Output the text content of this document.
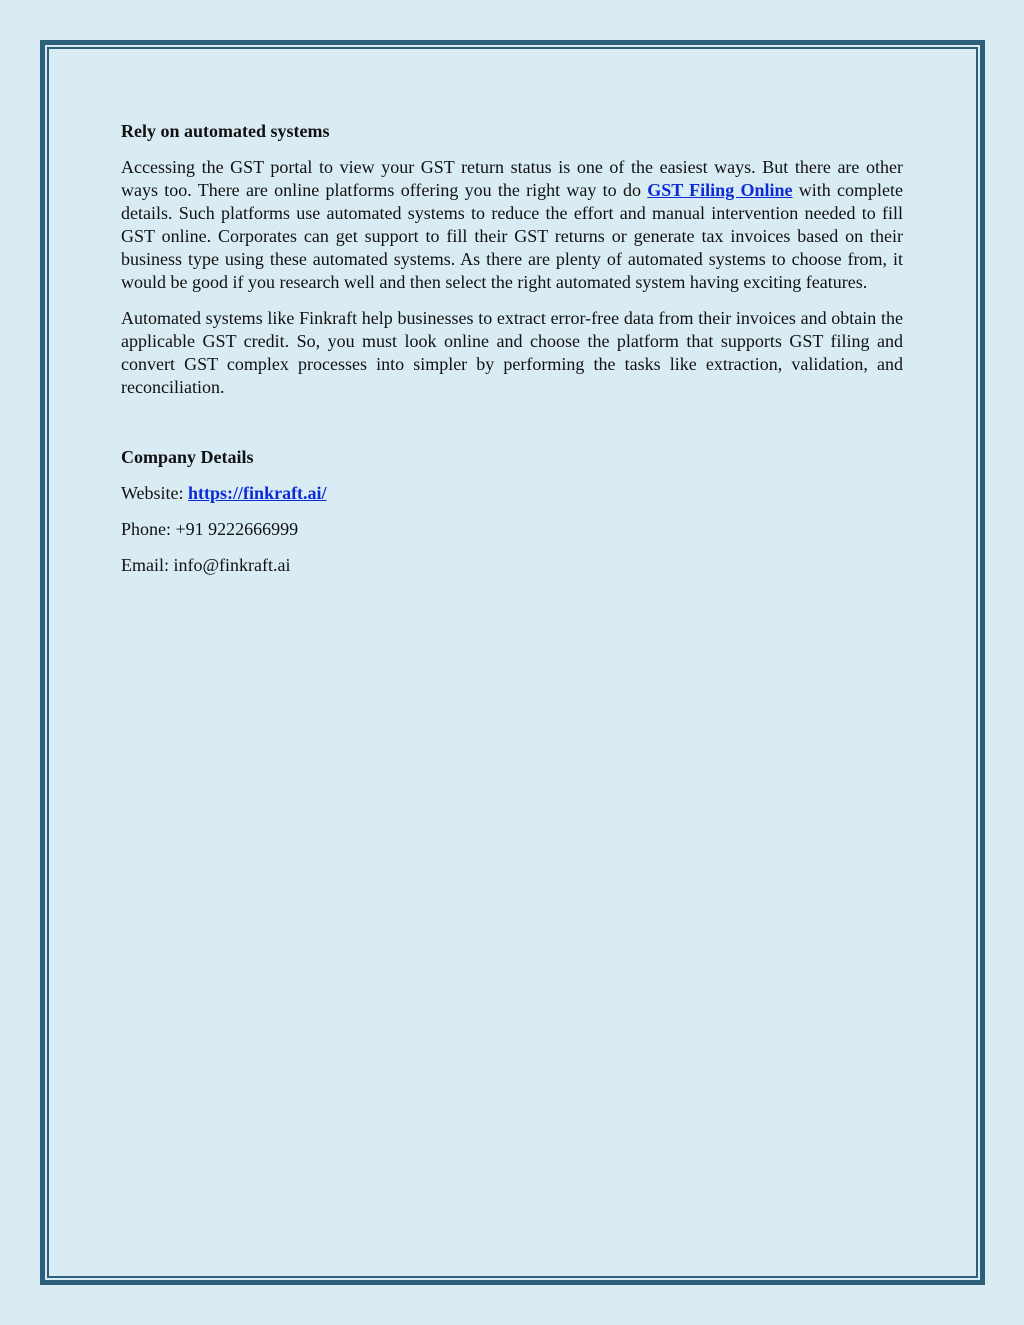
Rely on automated systems

Accessing the GST portal to view your GST return status is one of the easiest ways. But there are other ways too. There are online platforms offering you the right way to do GST Filing Online with complete details. Such platforms use automated systems to reduce the effort and manual intervention needed to fill GST online. Corporates can get support to fill their GST returns or generate tax invoices based on their business type using these automated systems. As there are plenty of automated systems to choose from, it would be good if you research well and then select the right automated system having exciting features.

Automated systems like Finkraft help businesses to extract error-free data from their invoices and obtain the applicable GST credit. So, you must look online and choose the platform that supports GST filing and convert GST complex processes into simpler by performing the tasks like extraction, validation, and reconciliation.

Company Details
Website: https://finkraft.ai/
Phone: +91 9222666999
Email: info@finkraft.ai
